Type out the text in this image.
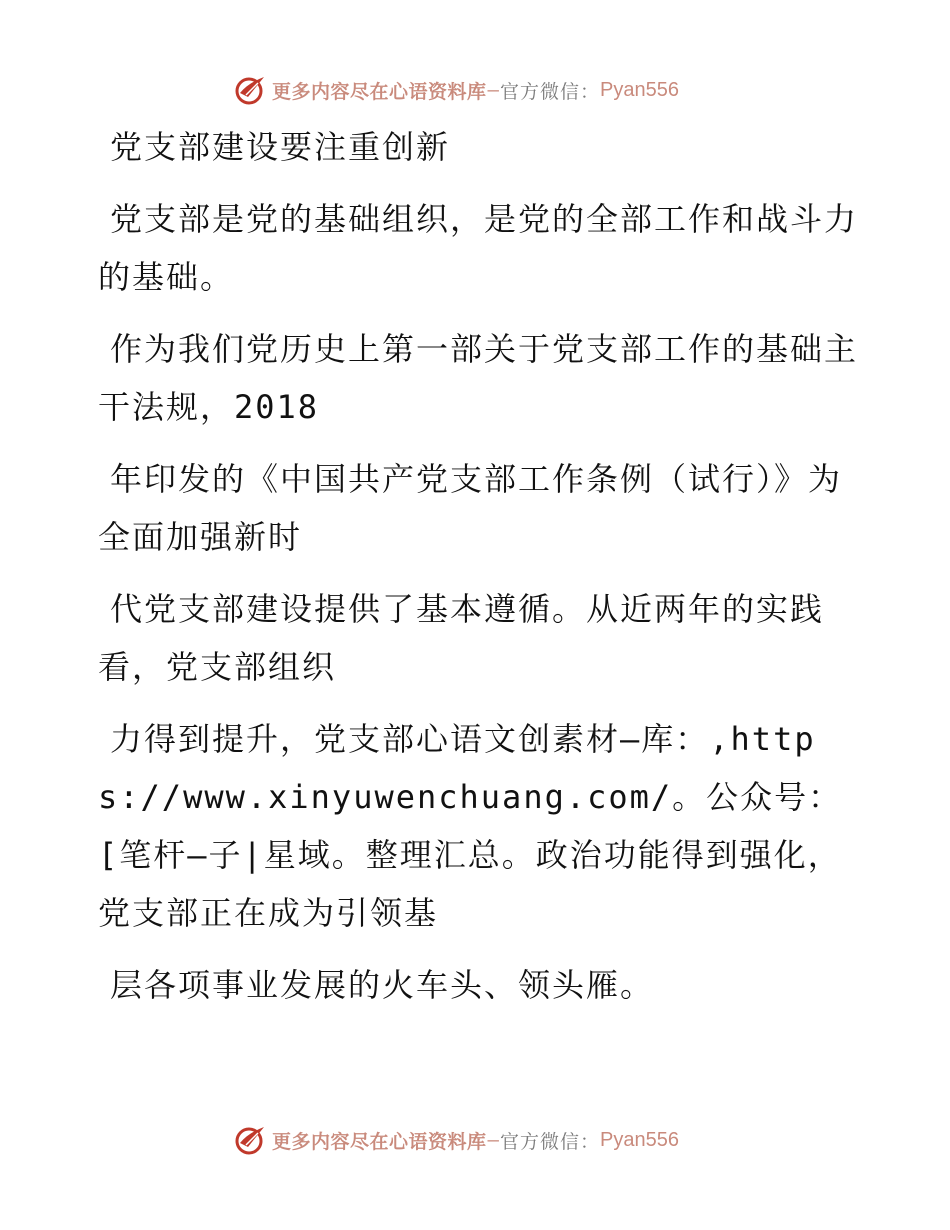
更多内容尽在心语资料库 — 官方微信： Pyan556

党支部建设要注重创新

党支部是党的基础组织，是党的全部工作和战斗力的基础。

作为我们党历史上第一部关于党支部工作的基础主干法规，2018

年印发的《中国共产党支部工作条例（试行）》为全面加强新时

代党支部建设提供了基本遵循。从近两年的实践看，党支部组织

力得到提升，党支部心语文创素材—库：,https://www.xinyuwenchuang.com/。公众号：[笔杆—子|星域。整理汇总。政治功能得到强化，党支部正在成为引领基

层各项事业发展的火车头、领头雁。

更多内容尽在心语资料库 — 官方微信： Pyan556
